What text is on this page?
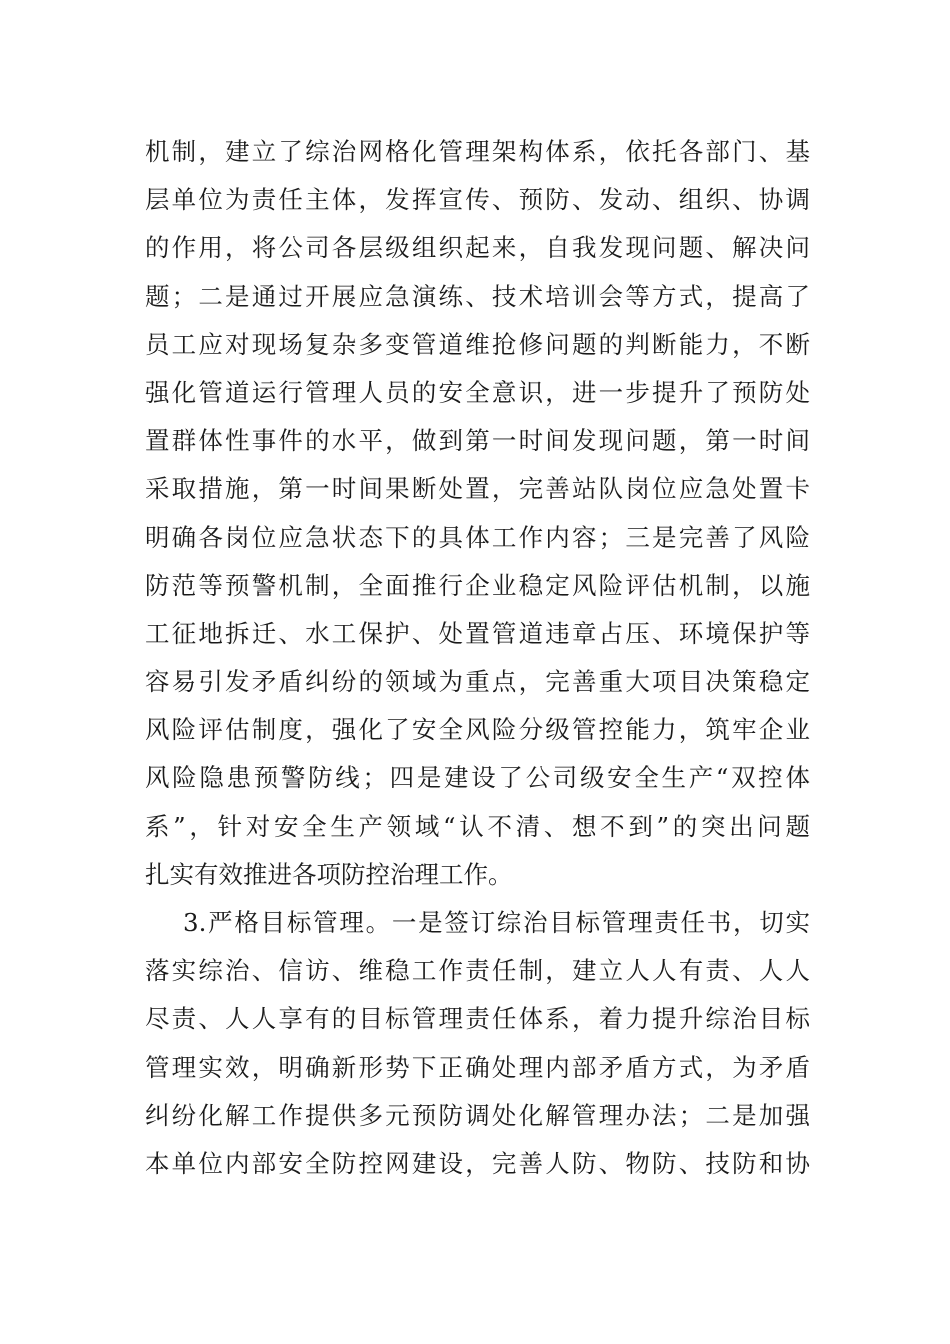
机制，建立了综治网格化管理架构体系，依托各部门、基
层单位为责任主体，发挥宣传、预防、发动、组织、协调
的作用，将公司各层级组织起来，自我发现问题、解决问
题；二是通过开展应急演练、技术培训会等方式，提高了
员工应对现场复杂多变管道维抢修问题的判断能力，不断
强化管道运行管理人员的安全意识，进一步提升了预防处
置群体性事件的水平，做到第一时间发现问题，第一时间
采取措施，第一时间果断处置，完善站队岗位应急处置卡
明确各岗位应急状态下的具体工作内容；三是完善了风险
防范等预警机制，全面推行企业稳定风险评估机制，以施
工征地拆迁、水工保护、处置管道违章占压、环境保护等
容易引发矛盾纠纷的领域为重点，完善重大项目决策稳定
风险评估制度，强化了安全风险分级管控能力，筑牢企业
风险隐患预警防线；四是建设了公司级安全生产“双控体
系”，针对安全生产领域“认不清、想不到”的突出问题
扎实有效推进各项防控治理工作。
3.严格目标管理。一是签订综治目标管理责任书，切实
落实综治、信访、维稳工作责任制，建立人人有责、人人
尽责、人人享有的目标管理责任体系，着力提升综治目标
管理实效，明确新形势下正确处理内部矛盾方式，为矛盾
纠纷化解工作提供多元预防调处化解管理办法；二是加强
本单位内部安全防控网建设，完善人防、物防、技防和协
